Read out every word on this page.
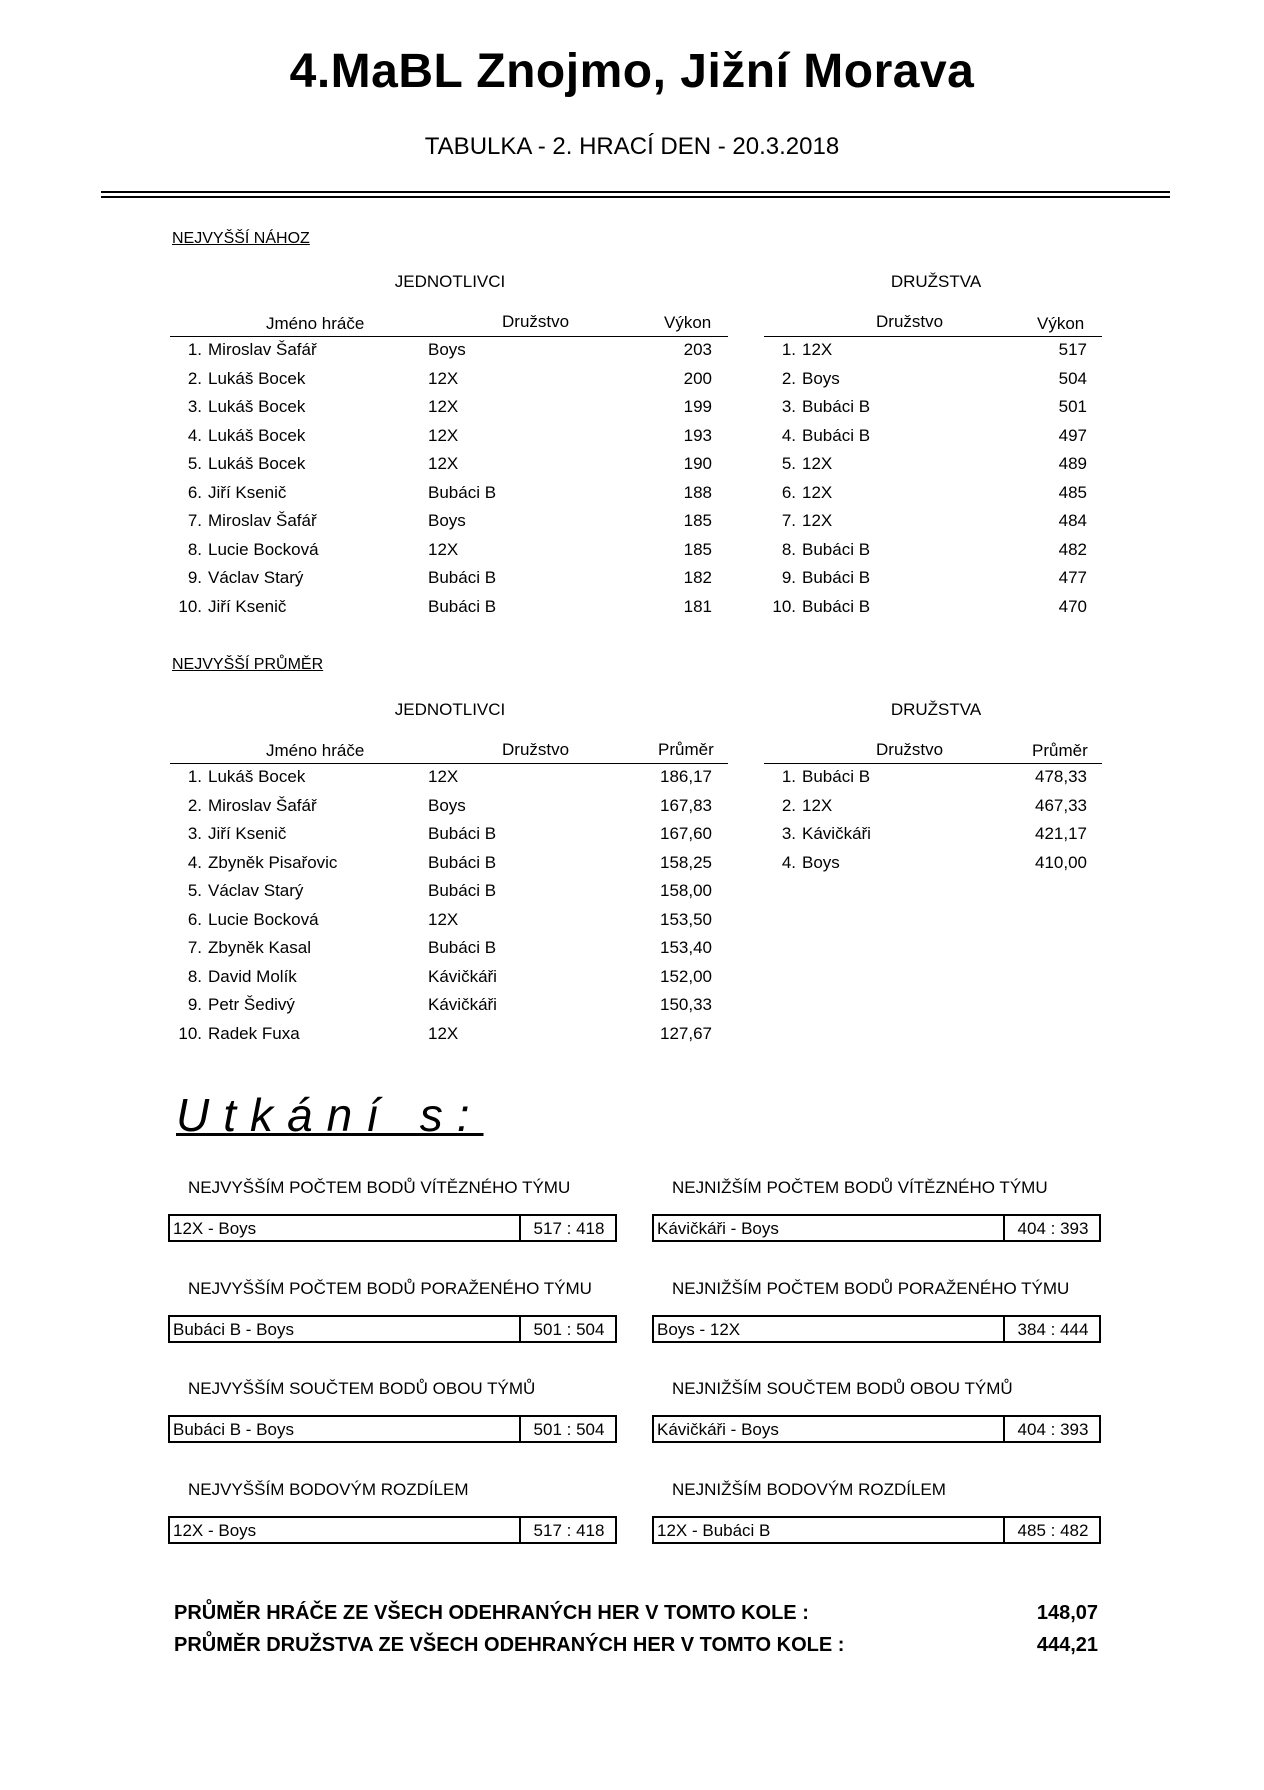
4.MaBL Znojmo, Jižní Morava
TABULKA - 2. HRACÍ DEN - 20.3.2018
NEJVYŠŠÍ NÁHOZ
JEDNOTLIVCI	DRUŽSTVA
Jméno hráče	Družstvo	Výkon	Družstvo	Výkon
1. Miroslav Šafář	Boys	203
2. Lukáš Bocek	12X	200
3. Lukáš Bocek	12X	199
4. Lukáš Bocek	12X	193
5. Lukáš Bocek	12X	190
6. Jiří Ksenič	Bubáci B	188
7. Miroslav Šafář	Boys	185
8. Lucie Bocková	12X	185
9. Václav Starý	Bubáci B	182
10. Jiří Ksenič	Bubáci B	181
1. 12X	517
2. Boys	504
3. Bubáci B	501
4. Bubáci B	497
5. 12X	489
6. 12X	485
7. 12X	484
8. Bubáci B	482
9. Bubáci B	477
10. Bubáci B	470
NEJVYŠŠÍ PRŮMĚR
JEDNOTLIVCI	DRUŽSTVA
Jméno hráče	Družstvo	Průměr	Družstvo	Průměr
1. Lukáš Bocek	12X	186,17
2. Miroslav Šafář	Boys	167,83
3. Jiří Ksenič	Bubáci B	167,60
4. Zbyněk Pisařovic	Bubáci B	158,25
5. Václav Starý	Bubáci B	158,00
6. Lucie Bocková	12X	153,50
7. Zbyněk Kasal	Bubáci B	153,40
8. David Molík	Kávičkáři	152,00
9. Petr Šedivý	Kávičkáři	150,33
10. Radek Fuxa	12X	127,67
1. Bubáci B	478,33
2. 12X	467,33
3. Kávičkáři	421,17
4. Boys	410,00
Utkání s:
NEJVYŠŠÍM POČTEM BODŮ VÍTĚZNÉHO TÝMU
12X - Boys	517 : 418
NEJNIŽŠÍM POČTEM BODŮ VÍTĚZNÉHO TÝMU
Kávičkáři - Boys	404 : 393
NEJVYŠŠÍM POČTEM BODŮ PORAŽENÉHO TÝMU
Bubáci B - Boys	501 : 504
NEJNIŽŠÍM POČTEM BODŮ PORAŽENÉHO TÝMU
Boys - 12X	384 : 444
NEJVYŠŠÍM SOUČTEM BODŮ OBOU TÝMŮ
Bubáci B - Boys	501 : 504
NEJNIŽŠÍM SOUČTEM BODŮ OBOU TÝMŮ
Kávičkáři - Boys	404 : 393
NEJVYŠŠÍM BODOVÝM ROZDÍLEM
12X - Boys	517 : 418
NEJNIŽŠÍM BODOVÝM ROZDÍLEM
12X - Bubáci B	485 : 482
PRŮMĚR HRÁČE ZE VŠECH ODEHRANÝCH HER V TOMTO KOLE :	148,07
PRŮMĚR DRUŽSTVA ZE VŠECH ODEHRANÝCH HER V TOMTO KOLE :	444,21
